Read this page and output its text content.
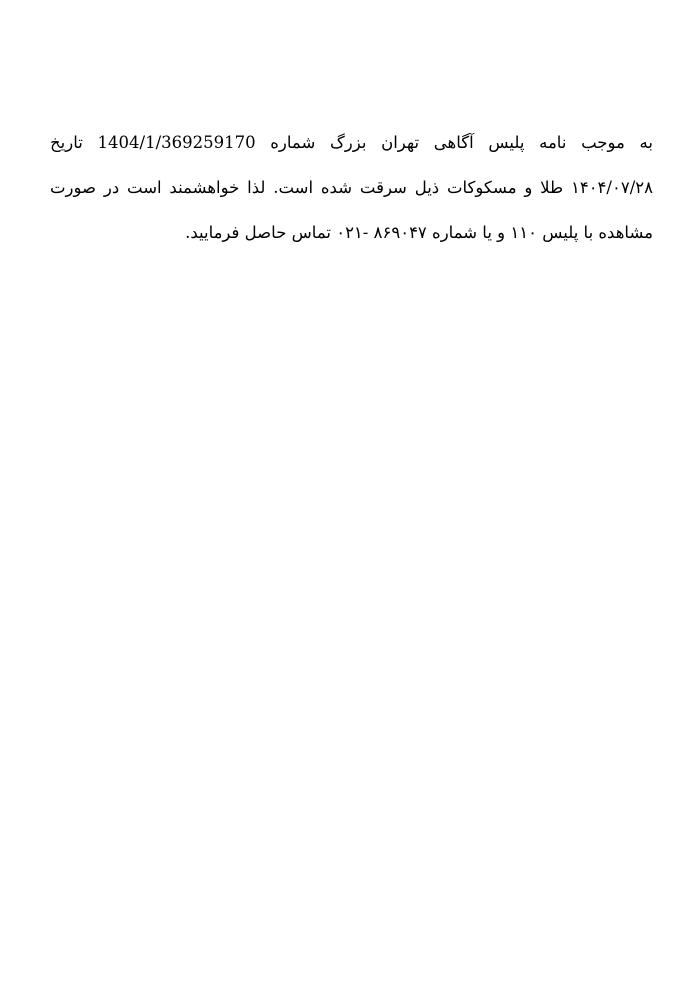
به موجب نامه پلیس آگاهی تهران بزرگ شماره 1404/1/369259170 تاریخ
۱۴۰۴/۰۷/۲۸ طلا و مسکوکات ذیل سرقت شده است. لذا خواهشمند است در صورت
مشاهده با پلیس ۱۱۰ و یا شماره ۸۶۹۰۴۷ -۰۲۱ تماس حاصل فرمایید.
